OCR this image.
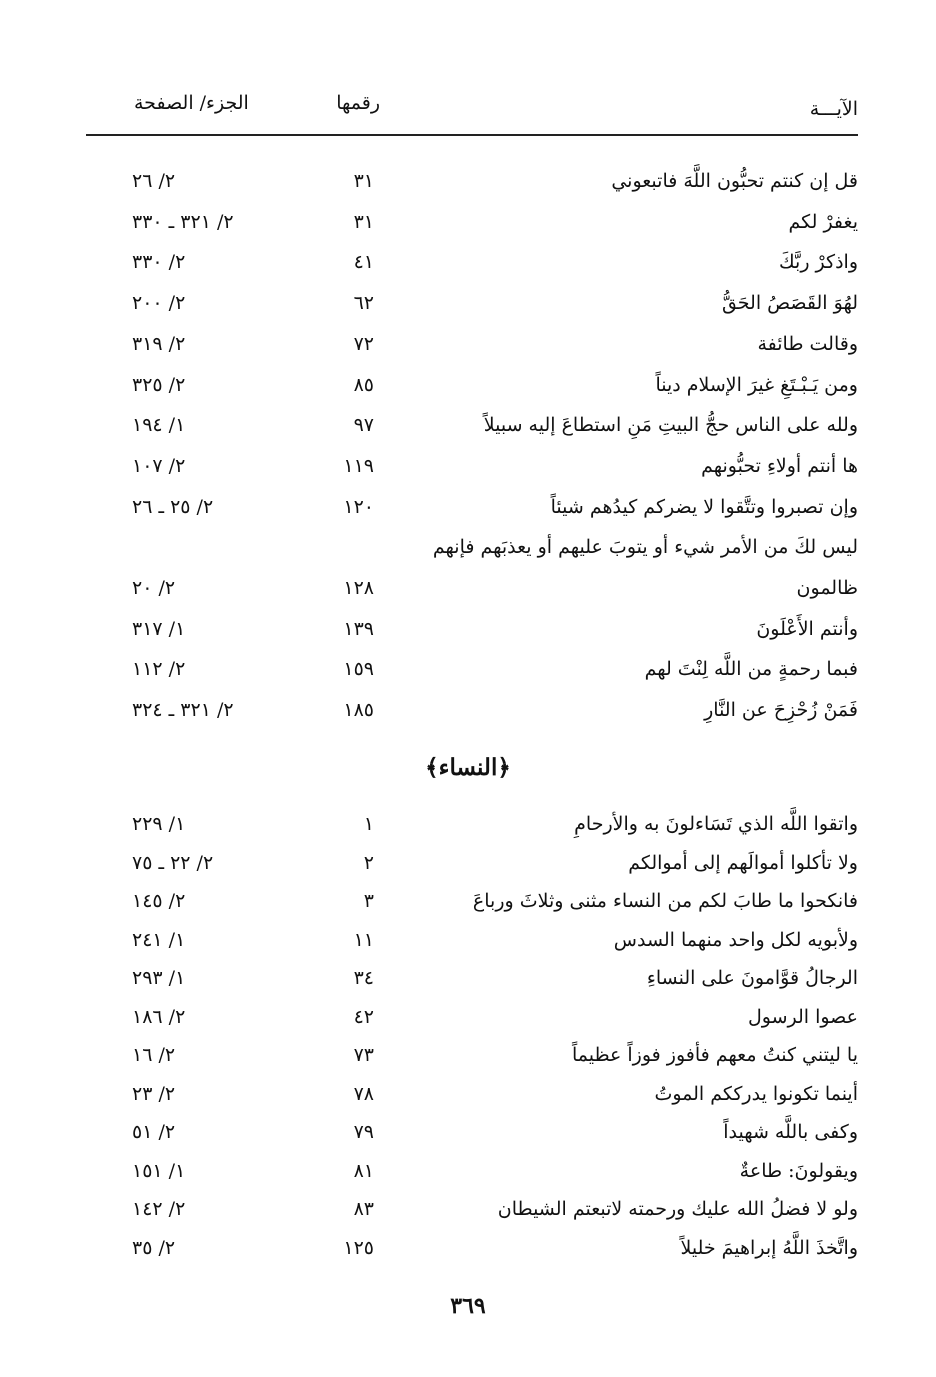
الآيـــة
رقمها
الجزء/ الصفحة
قل إن كنتم تحبُّون اللَّهَ فاتبعوني
٣١
٢/ ٢٦
يغفرْ لكم
٣١
٢/ ٣٢١ ـ ٣٣٠
واذكرْ ربَّكَ
٤١
٢/ ٣٣٠
لهُوَ القَصَصُ الحَقُّ
٦٢
٢/ ٢٠٠
وقالت طائفة
٧٢
٢/ ٣١٩
ومن يَـبْـتَغِ غيرَ الإسلام ديناً
٨٥
٢/ ٣٢٥
ولله على الناس حجُّ البيتِ مَنِ استطاعَ إليه سبيلاً
٩٧
١/ ١٩٤
ها أنتم أولاءِ تحبُّونهم
١١٩
٢/ ١٠٧
وإن تصبروا وتتَّقوا لا يضركم كيدُهم شيئاً
١٢٠
٢/ ٢٥ ـ ٢٦
ليس لكَ من الأمر شيء أو يتوبَ عليهم أو يعذبَهم فإنهم
ظالمون
١٢٨
٢/ ٢٠
وأنتم الأَعْلَونَ
١٣٩
١/ ٣١٧
فبما رحمةٍ من اللَّه لِنْتَ لهم
١٥٩
٢/ ١١٢
فَمَنْ زُحْزِحَ عن النَّارِ
١٨٥
٢/ ٣٢١ ـ ٣٢٤
﴿النساء﴾
واتقوا اللَّه الذي تَسَاءلونَ به والأرحامِ
١
١/ ٢٢٩
ولا تأكلوا أموالَهم إلى أموالكم
٢
٢/ ٢٢ ـ ٧٥
فانكحوا ما طابَ لكم من النساء مثنى وثلاثَ ورباعَ
٣
٢/ ١٤٥
ولأبويه لكل واحد منهما السدس
١١
١/ ٢٤١
الرجالُ قوَّامونَ على النساءِ
٣٤
١/ ٢٩٣
عصوا الرسول
٤٢
٢/ ١٨٦
يا ليتني كنتُ معهم فأفوز فوزاً عظيماً
٧٣
٢/ ١٦
أينما تكونوا يدرككم الموتُ
٧٨
٢/ ٢٣
وكفى باللَّه شهيداً
٧٩
٢/ ٥١
ويقولونَ: طاعةٌ
٨١
١/ ١٥١
ولو لا فضلُ الله عليك ورحمته لاتبعتم الشيطان
٨٣
٢/ ١٤٢
واتَّخذَ اللَّهُ إبراهيمَ خليلاً
١٢٥
٢/ ٣٥
٣٦٩
